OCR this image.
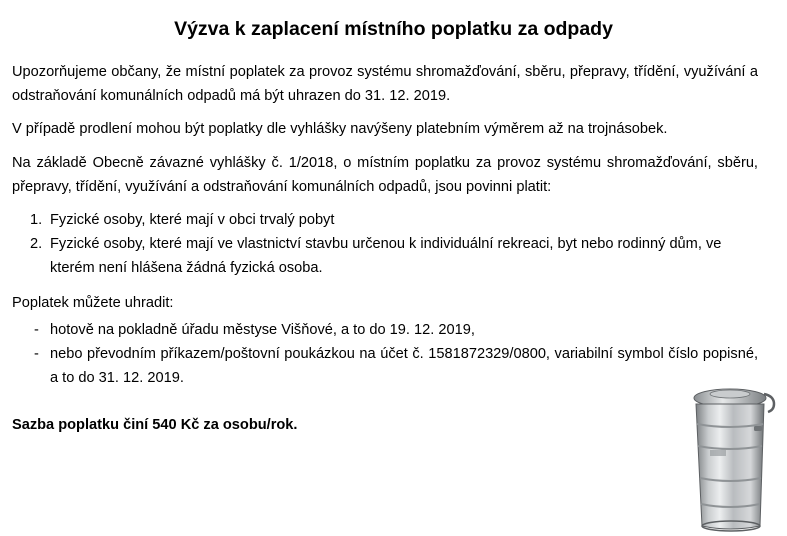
Výzva k zaplacení místního poplatku za odpady

Upozorňujeme občany, že místní poplatek za provoz systému shromažďování, sběru, přepravy, třídění, využívání a odstraňování komunálních odpadů má být uhrazen do 31. 12. 2019.

V případě prodlení mohou být poplatky dle vyhlášky navýšeny platebním výměrem až na trojnásobek.

Na základě Obecně závazné vyhlášky č. 1/2018, o místním poplatku za provoz systému shromažďování, sběru, přepravy, třídění, využívání a odstraňování komunálních odpadů, jsou povinni platit:

1. Fyzické osoby, které mají v obci trvalý pobyt
2. Fyzické osoby, které mají ve vlastnictví stavbu určenou k individuální rekreaci, byt nebo rodinný dům, ve kterém není hlášena žádná fyzická osoba.

Poplatek můžete uhradit:

- hotově na pokladně úřadu městyse Višňové, a to do 19. 12. 2019,
- nebo převodním příkazem/poštovní poukázkou na účet č. 1581872329/0800, variabilní symbol číslo popisné, a to do 31. 12. 2019.

Sazba poplatku činí 540 Kč za osobu/rok.
